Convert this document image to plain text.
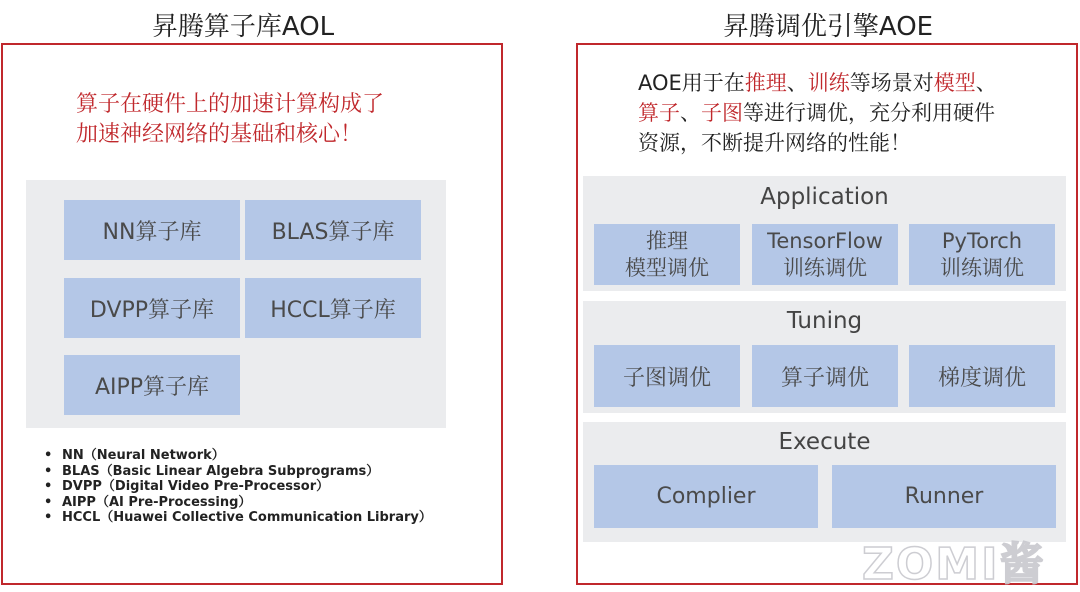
昇腾算子库AOL
算子在硬件上的加速计算构成了
加速神经网络的基础和核心！
NN算子库	BLAS算子库
DVPP算子库	HCCL算子库
AIPP算子库
• NN（Neural Network）
• BLAS（Basic Linear Algebra Subprograms）
• DVPP（Digital Video Pre-Processor）
• AIPP（AI Pre-Processing）
• HCCL（Huawei Collective Communication Library）
昇腾调优引擎AOE
AOE用于在推理、训练等场景对模型、
算子、子图等进行调优，充分利用硬件
资源，不断提升网络的性能！
Application
推理
模型调优
TensorFlow
训练调优
PyTorch
训练调优
Tuning
子图调优	算子调优	梯度调优
Execute
Complier	Runner
ZOMI酱
